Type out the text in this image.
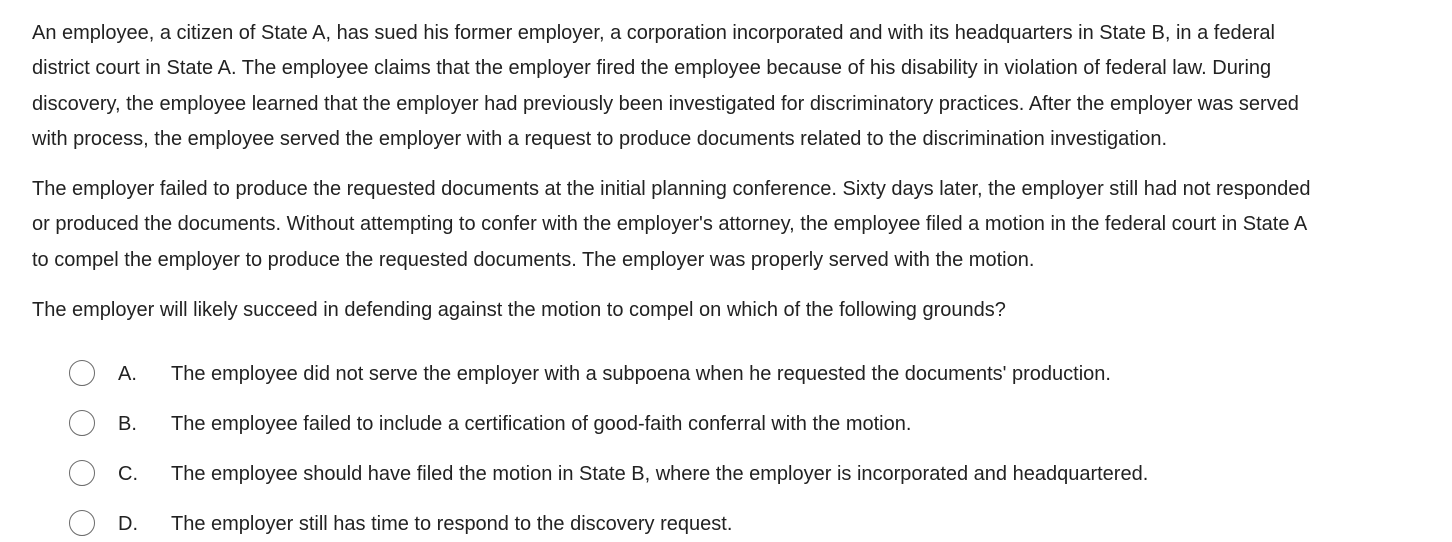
An employee, a citizen of State A, has sued his former employer, a corporation incorporated and with its headquarters in State B, in a federal
district court in State A. The employee claims that the employer fired the employee because of his disability in violation of federal law. During
discovery, the employee learned that the employer had previously been investigated for discriminatory practices. After the employer was served
with process, the employee served the employer with a request to produce documents related to the discrimination investigation.

The employer failed to produce the requested documents at the initial planning conference. Sixty days later, the employer still had not responded
or produced the documents. Without attempting to confer with the employer's attorney, the employee filed a motion in the federal court in State A
to compel the employer to produce the requested documents. The employer was properly served with the motion.

The employer will likely succeed in defending against the motion to compel on which of the following grounds?

A. The employee did not serve the employer with a subpoena when he requested the documents' production.
B. The employee failed to include a certification of good-faith conferral with the motion.
C. The employee should have filed the motion in State B, where the employer is incorporated and headquartered.
D. The employer still has time to respond to the discovery request.
